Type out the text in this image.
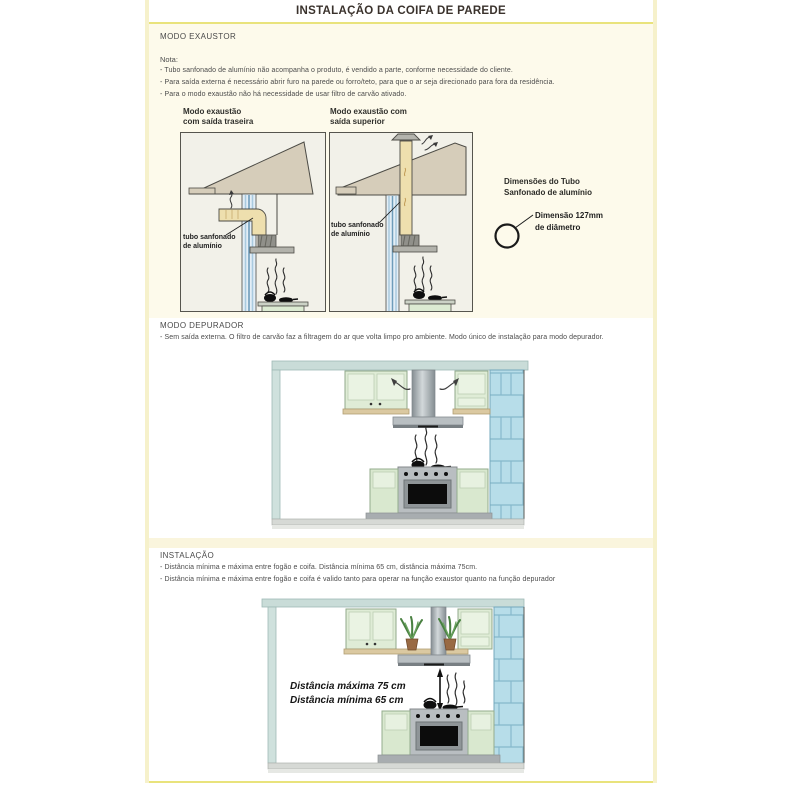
INSTALAÇÃO DA COIFA DE PAREDE
MODO EXAUSTOR
Nota:
- Tubo sanfonado de alumínio não acompanha o produto, é vendido a parte, conforme necessidade do cliente.
- Para saída externa é necessário abrir furo na parede ou forro/teto, para que o ar seja direcionado para fora da residência.
- Para o modo exaustão não há necessidade de usar filtro de carvão ativado.
Modo exaustão
com saída traseira
Modo exaustão com
saída superior
tubo sanfonado
de alumínio
tubo sanfonado
de alumínio
Dimensões do Tubo
Sanfonado de alumínio
Dimensão 127mm
de diâmetro
MODO DEPURADOR
- Sem saída externa. O filtro de carvão faz a filtragem do ar que volta limpo pro ambiente. Modo único de instalação para modo depurador.
INSTALAÇÃO
- Distância mínima e máxima entre fogão e coifa. Distância mínima 65 cm, distância máxima 75cm.
- Distância mínima e máxima entre fogão e coifa é valido tanto para operar na função exaustor quanto na função depurador
Distância máxima 75 cm
Distância mínima 65 cm
